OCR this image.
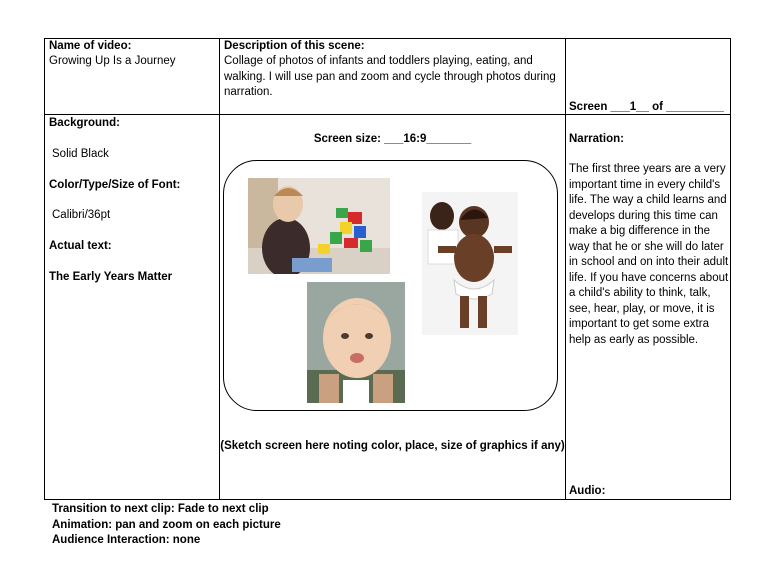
Name of video:
Growing Up Is a Journey
Description of this scene:
Collage of photos of infants and toddlers playing, eating, and walking. I will use pan and zoom and cycle through photos during narration.
Screen ___1__ of _________
Background:
Solid Black
Color/Type/Size of Font:
Calibri/36pt
Actual text:
The Early Years Matter
Screen size: ___16:9_______
(Sketch screen here noting color, place, size of graphics if any)
Narration:
The first three years are a very important time in every child's life. The way a child learns and develops during this time can make a big difference in the way that he or she will do later in school and on into their adult life. If you have concerns about a child's ability to think, talk, see, hear, play, or move, it is important to get some extra help as early as possible.
Audio:
Transition to next clip: Fade to next clip
Animation: pan and zoom on each picture
Audience Interaction: none
